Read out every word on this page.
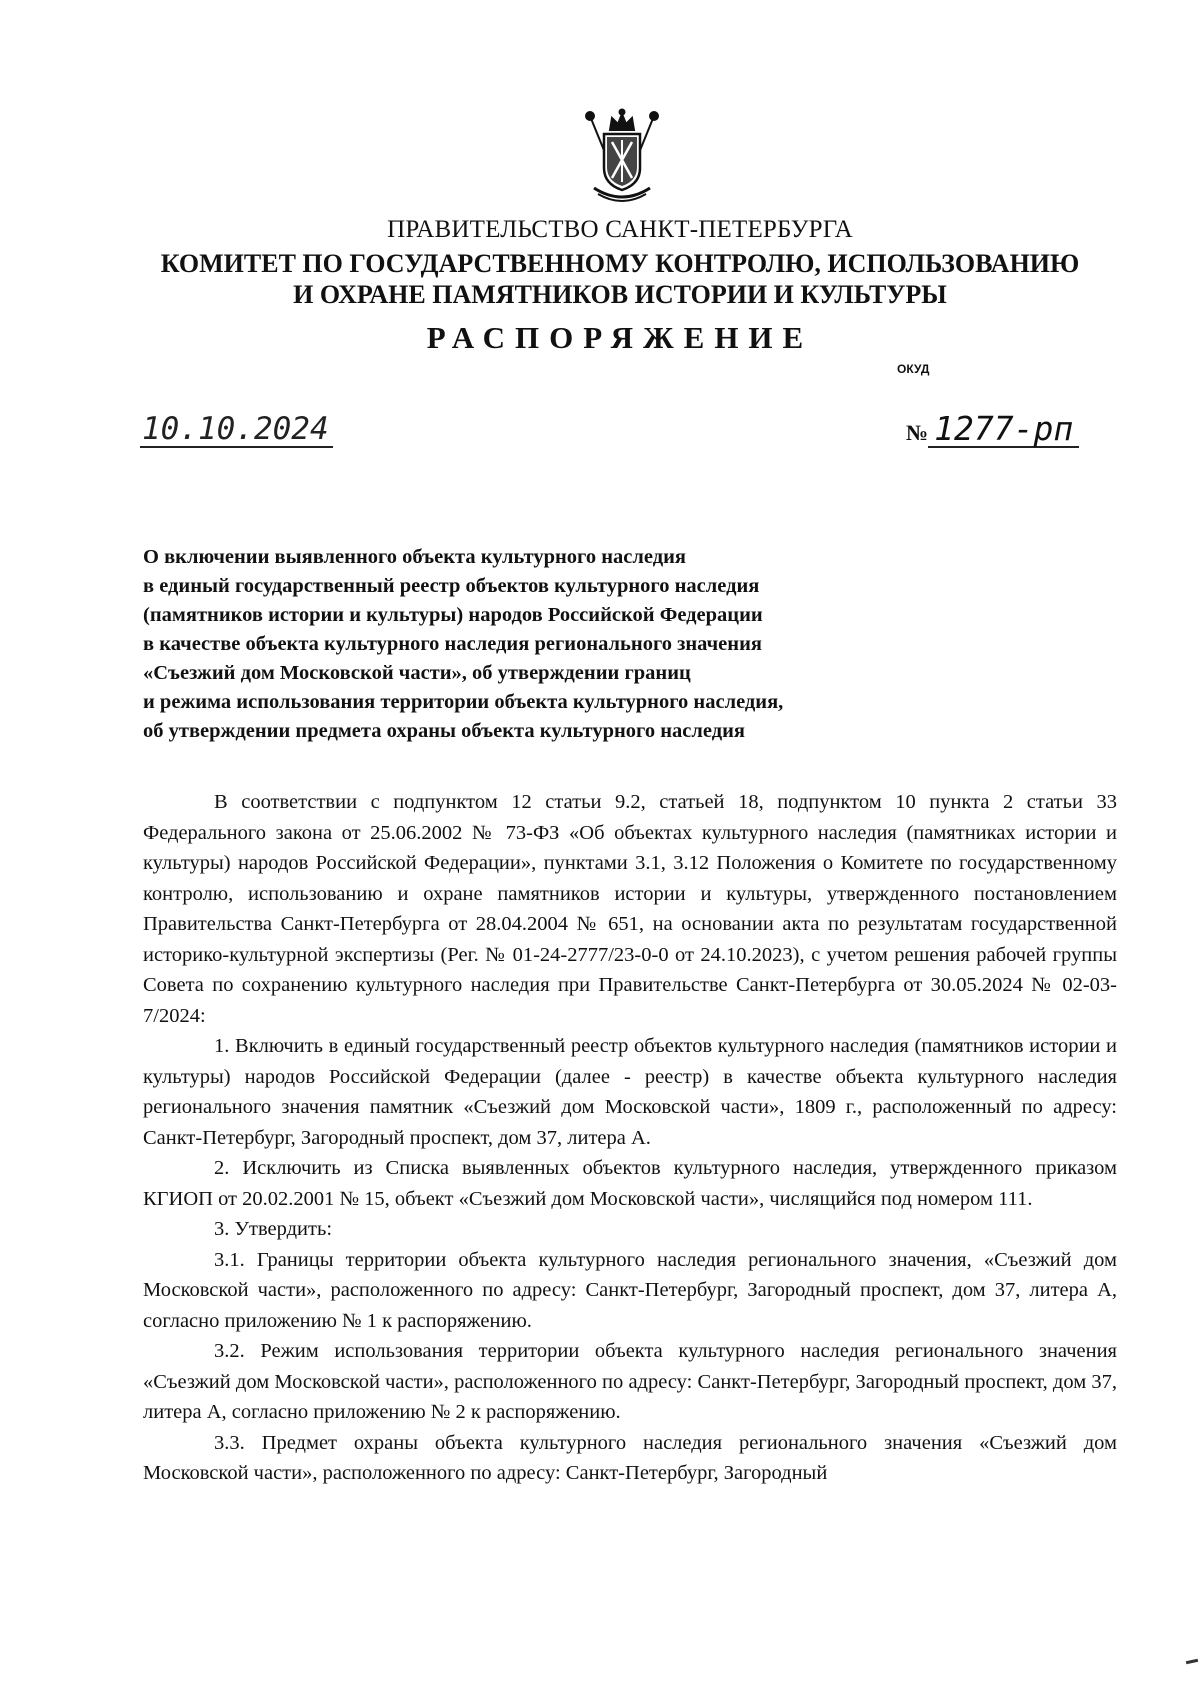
ПРАВИТЕЛЬСТВО САНКТ-ПЕТЕРБУРГА
КОМИТЕТ ПО ГОСУДАРСТВЕННОМУ КОНТРОЛЮ, ИСПОЛЬЗОВАНИЮ
И ОХРАНЕ ПАМЯТНИКОВ ИСТОРИИ И КУЛЬТУРЫ
РАСПОРЯЖЕНИЕ
ОКУД
10.10.2024	№ 1277-рп
О включении выявленного объекта культурного наследия
в единый государственный реестр объектов культурного наследия
(памятников истории и культуры) народов Российской Федерации
в качестве объекта культурного наследия регионального значения
«Съезжий дом Московской части», об утверждении границ
и режима использования территории объекта культурного наследия,
об утверждении предмета охраны объекта культурного наследия

В соответствии с подпунктом 12 статьи 9.2, статьей 18, подпунктом 10 пункта 2 статьи 33 Федерального закона от 25.06.2002 № 73-ФЗ «Об объектах культурного наследия (памятниках истории и культуры) народов Российской Федерации», пунктами 3.1, 3.12 Положения о Комитете по государственному контролю, использованию и охране памятников истории и культуры, утвержденного постановлением Правительства Санкт-Петербурга от 28.04.2004 № 651, на основании акта по результатам государственной историко-культурной экспертизы (Рег. № 01-24-2777/23-0-0 от 24.10.2023), с учетом решения рабочей группы Совета по сохранению культурного наследия при Правительстве Санкт-Петербурга от 30.05.2024 № 02-03-7/2024:

1. Включить в единый государственный реестр объектов культурного наследия (памятников истории и культуры) народов Российской Федерации (далее - реестр) в качестве объекта культурного наследия регионального значения памятник «Съезжий дом Московской части», 1809 г., расположенный по адресу: Санкт-Петербург, Загородный проспект, дом 37, литера А.

2. Исключить из Списка выявленных объектов культурного наследия, утвержденного приказом КГИОП от 20.02.2001 № 15, объект «Съезжий дом Московской части», числящийся под номером 111.

3. Утвердить:

3.1. Границы территории объекта культурного наследия регионального значения, «Съезжий дом Московской части», расположенного по адресу: Санкт-Петербург, Загородный проспект, дом 37, литера А, согласно приложению № 1 к распоряжению.

3.2. Режим использования территории объекта культурного наследия регионального значения «Съезжий дом Московской части», расположенного по адресу: Санкт-Петербург, Загородный проспект, дом 37, литера А, согласно приложению № 2 к распоряжению.

3.3. Предмет охраны объекта культурного наследия регионального значения «Съезжий дом Московской части», расположенного по адресу: Санкт-Петербург, Загородный
